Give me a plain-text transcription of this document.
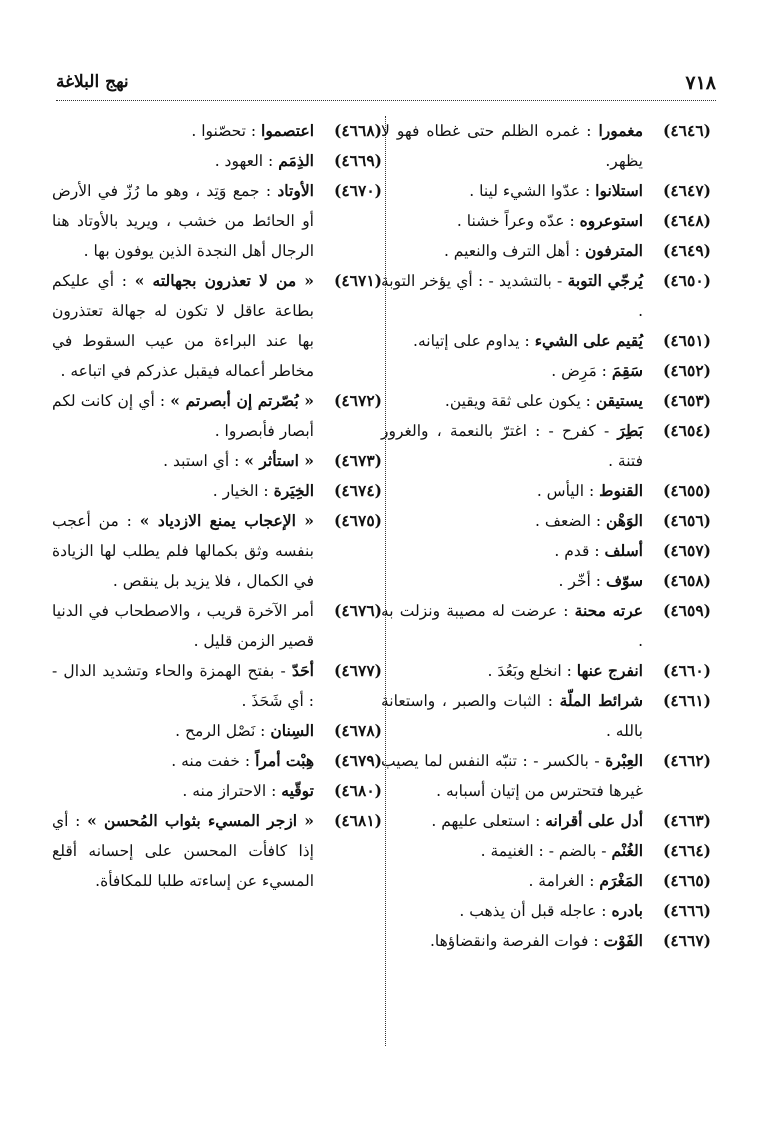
٧١٨
نهج البلاغة
(٤٦٤٦)
مغمورا : غمره الظلم حتى غطاه فهو لا يظهر.
(٤٦٤٧)
استلانوا : عدّوا الشيء لينا .
(٤٦٤٨)
استوعروه : عدّه وعراً خشنا .
(٤٦٤٩)
المترفون : أهل الترف والنعيم .
(٤٦٥٠)
يُرجّي التوبة - بالتشديد - : أي يؤخر التوبة .
(٤٦٥١)
يُقيم على الشيء : يداوم على إتيانه.
(٤٦٥٢)
سَقِمَ : مَرِض .
(٤٦٥٣)
يستيقن : يكون على ثقة ويقين.
(٤٦٥٤)
بَطِرَ - كفرح - : اغترّ بالنعمة ، والغرور فتنة .
(٤٦٥٥)
القنوط : اليأس .
(٤٦٥٦)
الوَهْن : الضعف .
(٤٦٥٧)
أسلف : قدم .
(٤٦٥٨)
سوّف : أخّر .
(٤٦٥٩)
عرته محنة : عرضت له مصيبة ونزلت به .
(٤٦٦٠)
انفرج عنها : انخلع وبَعُدَ .
(٤٦٦١)
شرائط الملّة : الثبات والصبر ، واستعانة بالله .
(٤٦٦٢)
العِبْرة - بالكسر - : تنبّه النفس لما يصيب غيرها فتحترس من إتيان أسبابه .
(٤٦٦٣)
أدل على أقرانه : استعلى عليهم .
(٤٦٦٤)
الغُنْم - بالضم - : الغنيمة .
(٤٦٦٥)
المَغْرَم : الغرامة .
(٤٦٦٦)
بادره : عاجله قبل أن يذهب .
(٤٦٦٧)
الفَوْت : فوات الفرصة وانقضاؤها.
(٤٦٦٨)
اعتصموا : تحصّنوا .
(٤٦٦٩)
الذِمَم : العهود .
(٤٦٧٠)
الأوتاد : جمع وَتِد ، وهو ما رُزّ في الأرض أو الحائط من خشب ، ويريد بالأوتاد هنا الرجال أهل النجدة الذين يوفون بها .
(٤٦٧١)
« من لا تعذرون بجهالته » : أي عليكم بطاعة عاقل لا تكون له جهالة تعتذرون بها عند البراءة من عيب السقوط في مخاطر أعماله فيقبل عذركم في اتباعه .
(٤٦٧٢)
« بُصّرتم إن أبصرتم » : أي إن كانت لكم أبصار فأبصروا .
(٤٦٧٣)
« استأثر » : أي استبد .
(٤٦٧٤)
الخِيَرة : الخيار .
(٤٦٧٥)
« الإعجاب يمنع الازدياد » : من أعجب بنفسه وثق بكمالها فلم يطلب لها الزيادة في الكمال ، فلا يزيد بل ينقص .
(٤٦٧٦)
أمر الآخرة قريب ، والاصطحاب في الدنيا قصير الزمن قليل .
(٤٦٧٧)
أحَدّ - بفتح الهمزة والحاء وتشديد الدال - : أي شَحَذَ .
(٤٦٧٨)
السِنان : نَصْل الرمح .
(٤٦٧٩)
هِبْت أمراً : خفت منه .
(٤٦٨٠)
توقّيه : الاحتراز منه .
(٤٦٨١)
« ازجر المسيء بثواب المُحسن » : أي إذا كافأت المحسن على إحسانه أقلع المسيء عن إساءته طلبا للمكافأة.
